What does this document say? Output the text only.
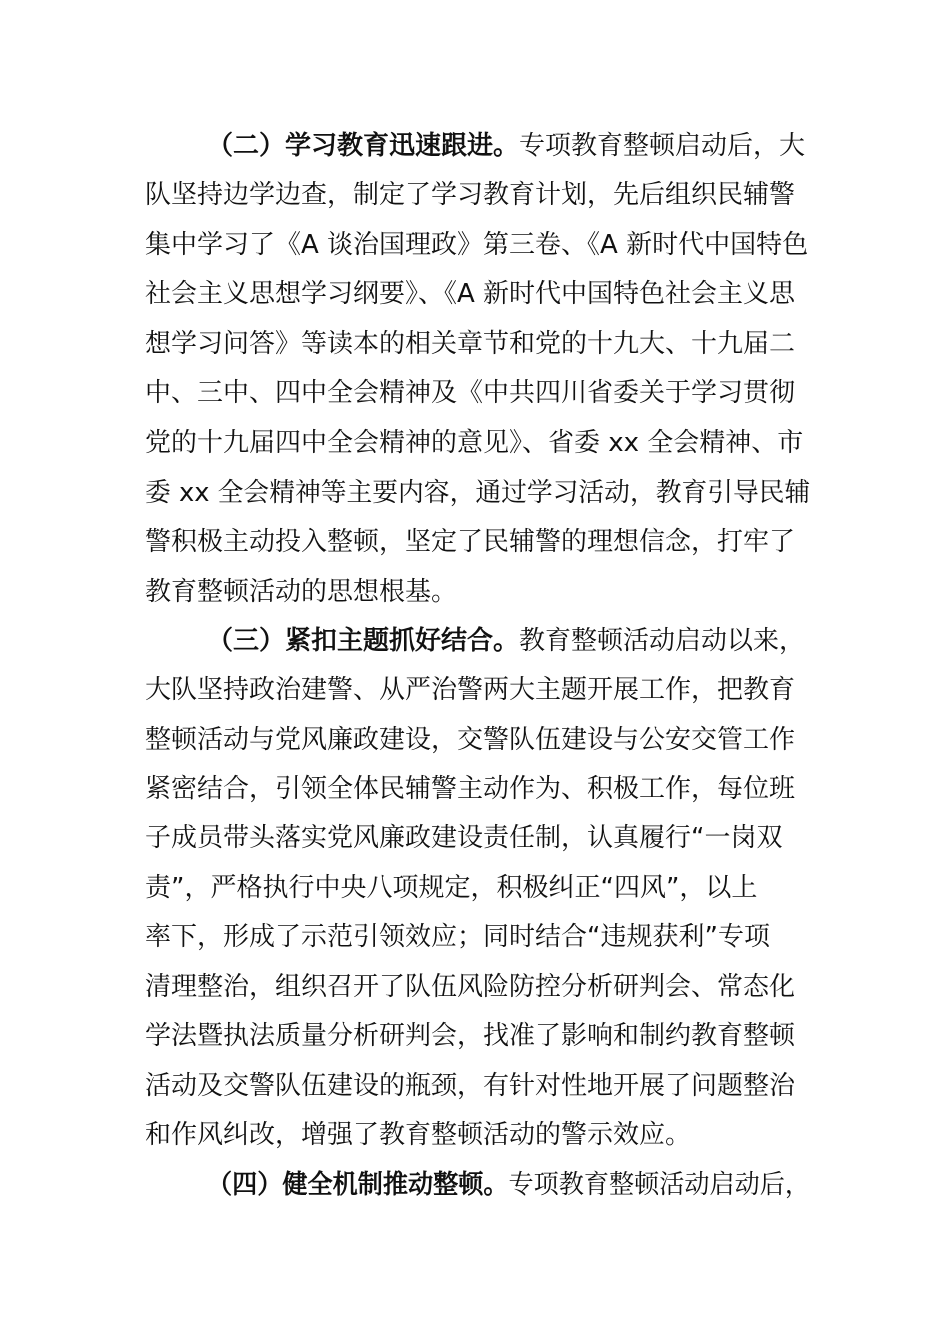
（二）学习教育迅速跟进。专项教育整顿启动后，大
队坚持边学边查，制定了学习教育计划，先后组织民辅警
集中学习了《A 谈治国理政》第三卷、《A 新时代中国特色
社会主义思想学习纲要》、《A 新时代中国特色社会主义思
想学习问答》等读本的相关章节和党的十九大、十九届二
中、三中、四中全会精神及《中共四川省委关于学习贯彻
党的十九届四中全会精神的意见》、省委 xx 全会精神、市
委 xx 全会精神等主要内容，通过学习活动，教育引导民辅
警积极主动投入整顿，坚定了民辅警的理想信念，打牢了
教育整顿活动的思想根基。
（三）紧扣主题抓好结合。教育整顿活动启动以来，
大队坚持政治建警、从严治警两大主题开展工作，把教育
整顿活动与党风廉政建设，交警队伍建设与公安交管工作
紧密结合，引领全体民辅警主动作为、积极工作，每位班
子成员带头落实党风廉政建设责任制，认真履行“一岗双
责”，严格执行中央八项规定，积极纠正“四风”，以上
率下，形成了示范引领效应；同时结合“违规获利”专项
清理整治，组织召开了队伍风险防控分析研判会、常态化
学法暨执法质量分析研判会，找准了影响和制约教育整顿
活动及交警队伍建设的瓶颈，有针对性地开展了问题整治
和作风纠改，增强了教育整顿活动的警示效应。
（四）健全机制推动整顿。专项教育整顿活动启动后，
